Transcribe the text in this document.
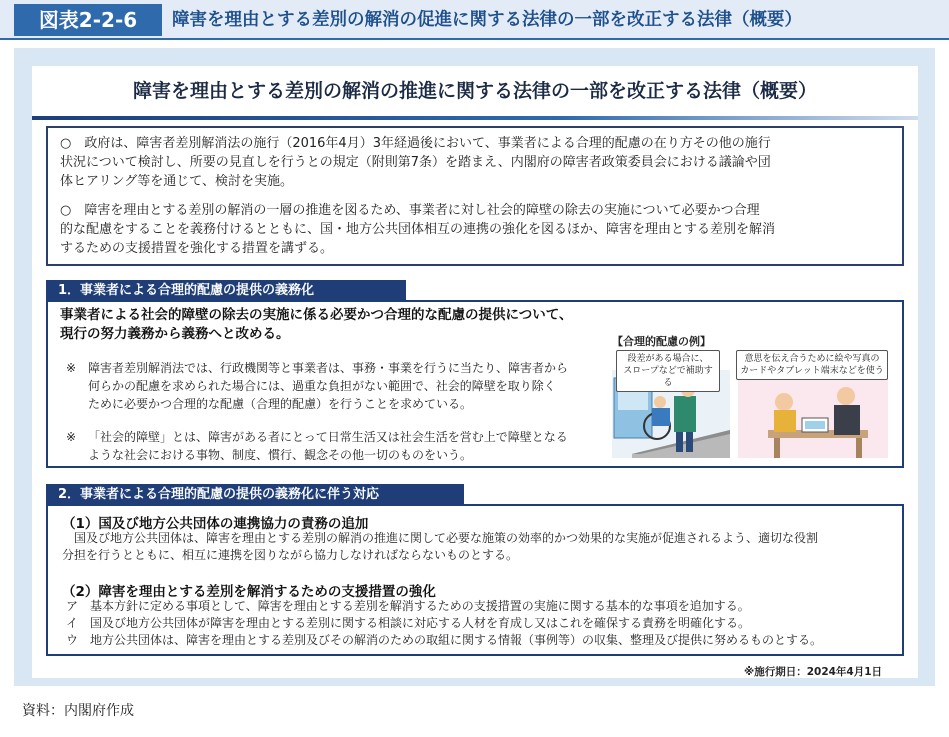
図表2-2-6	障害を理由とする差別の解消の促進に関する法律の一部を改正する法律（概要）
障害を理由とする差別の解消の推進に関する法律の一部を改正する法律（概要）
○　政府は、障害者差別解消法の施行（2016年4月）3年経過後において、事業者による合理的配慮の在り方その他の施行
状況について検討し、所要の見直しを行うとの規定（附則第7条）を踏まえ、内閣府の障害者政策委員会における議論や団
体ヒアリング等を通じて、検討を実施。
○　障害を理由とする差別の解消の一層の推進を図るため、事業者に対し社会的障壁の除去の実施について必要かつ合理
的な配慮をすることを義務付けるとともに、国・地方公共団体相互の連携の強化を図るほか、障害を理由とする差別を解消
するための支援措置を強化する措置を講ずる。
1．事業者による合理的配慮の提供の義務化
事業者による社会的障壁の除去の実施に係る必要かつ合理的な配慮の提供について、
現行の努力義務から義務へと改める。
※ 障害者差別解消法では、行政機関等と事業者は、事務・事業を行うに当たり、障害者から
何らかの配慮を求められた場合には、過重な負担がない範囲で、社会的障壁を取り除く
ために必要かつ合理的な配慮（合理的配慮）を行うことを求めている。
※ 「社会的障壁」とは、障害がある者にとって日常生活又は社会生活を営む上で障壁となる
ような社会における事物、制度、慣行、観念その他一切のものをいう。
【合理的配慮の例】
段差がある場合に、
スロープなどで補助する
意思を伝え合うために絵や写真の
カードやタブレット端末などを使う
2．事業者による合理的配慮の提供の義務化に伴う対応
（1）国及び地方公共団体の連携協力の責務の追加
国及び地方公共団体は、障害を理由とする差別の解消の推進に関して必要な施策の効率的かつ効果的な実施が促進されるよう、適切な役割
分担を行うとともに、相互に連携を図りながら協力しなければならないものとする。
（2）障害を理由とする差別を解消するための支援措置の強化
ア　基本方針に定める事項として、障害を理由とする差別を解消するための支援措置の実施に関する基本的な事項を追加する。
イ　国及び地方公共団体が障害を理由とする差別に関する相談に対応する人材を育成し又はこれを確保する責務を明確化する。
ウ　地方公共団体は、障害を理由とする差別及びその解消のための取組に関する情報（事例等）の収集、整理及び提供に努めるものとする。
※施行期日：2024年4月1日
資料：内閣府作成
